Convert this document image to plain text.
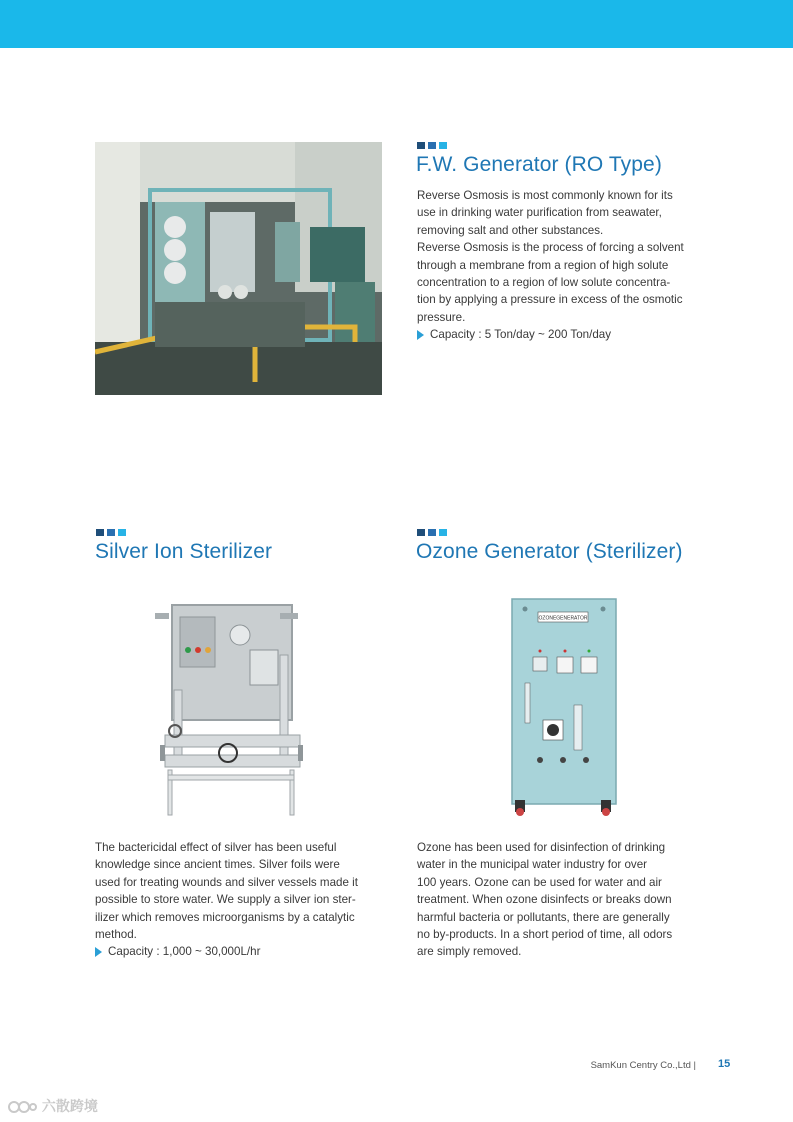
F.W. Generator (RO Type)

Reverse Osmosis is most commonly known for its

use in drinking water purification from seawater,

removing salt and other substances.

Reverse Osmosis is the process of forcing a solvent

through a membrane from a region of high solute

concentration to a region of low solute concentra-

tion by applying a pressure in excess of the osmotic

pressure.

Capacity : 5 Ton/day ~ 200 Ton/day
Silver Ion Sterilizer

The bactericidal effect of silver has been useful

knowledge since ancient times. Silver foils were

used for treating wounds and silver vessels made it

possible to store water. We supply a silver ion ster-

ilizer which removes microorganisms by a catalytic

method.

Capacity : 1,000 ~ 30,000L/hr
Ozone Generator (Sterilizer)
OZONEGENERATOR

Ozone has been used for disinfection of drinking

water in the municipal water industry for over

100 years. Ozone can be used for water and air

treatment. When ozone disinfects or breaks down

harmful bacteria or pollutants, there are generally

no by-products. In a short period of time, all odors

are simply removed.

SamKun Centry Co.,Ltd | 15
六散跨境
